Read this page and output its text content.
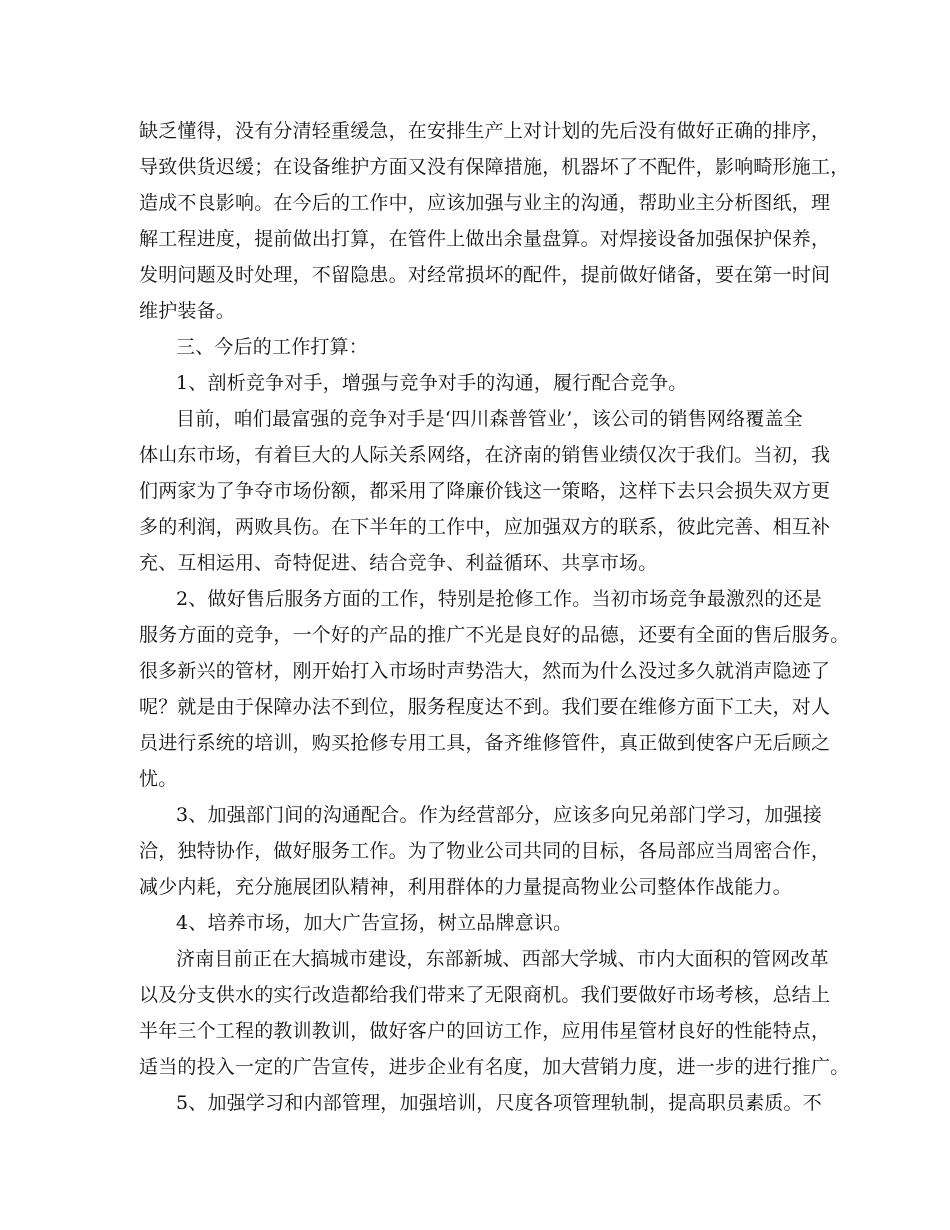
缺乏懂得，没有分清轻重缓急，在安排生产上对计划的先后没有做好正确的排序，
导致供货迟缓；在设备维护方面又没有保障措施，机器坏了不配件，影响畸形施工，
造成不良影响。在今后的工作中，应该加强与业主的沟通，帮助业主分析图纸，理
解工程进度，提前做出打算，在管件上做出余量盘算。对焊接设备加强保护保养，
发明问题及时处理，不留隐患。对经常损坏的配件，提前做好储备，要在第一时间
维护装备。
三、今后的工作打算：
1、剖析竞争对手，增强与竞争对手的沟通，履行配合竞争。
目前，咱们最富强的竞争对手是‘四川森普管业’，该公司的销售网络覆盖全
体山东市场，有着巨大的人际关系网络，在济南的销售业绩仅次于我们。当初，我
们两家为了争夺市场份额，都采用了降廉价钱这一策略，这样下去只会损失双方更
多的利润，两败具伤。在下半年的工作中，应加强双方的联系，彼此完善、相互补
充、互相运用、奇特促进、结合竞争、利益循环、共享市场。
2、做好售后服务方面的工作，特别是抢修工作。当初市场竞争最激烈的还是
服务方面的竞争，一个好的产品的推广不光是良好的品德，还要有全面的售后服务。
很多新兴的管材，刚开始打入市场时声势浩大，然而为什么没过多久就消声隐迹了
呢？就是由于保障办法不到位，服务程度达不到。我们要在维修方面下工夫，对人
员进行系统的培训，购买抢修专用工具，备齐维修管件，真正做到使客户无后顾之
忧。
3、加强部门间的沟通配合。作为经营部分，应该多向兄弟部门学习，加强接
洽，独特协作，做好服务工作。为了物业公司共同的目标，各局部应当周密合作，
减少内耗，充分施展团队精神，利用群体的力量提高物业公司整体作战能力。
4、培养市场，加大广告宣扬，树立品牌意识。
济南目前正在大搞城市建设，东部新城、西部大学城、市内大面积的管网改革
以及分支供水的实行改造都给我们带来了无限商机。我们要做好市场考核，总结上
半年三个工程的教训教训，做好客户的回访工作，应用伟星管材良好的性能特点，
适当的投入一定的广告宣传，进步企业有名度，加大营销力度，进一步的进行推广。
5、加强学习和内部管理，加强培训，尺度各项管理轨制，提高职员素质。不
